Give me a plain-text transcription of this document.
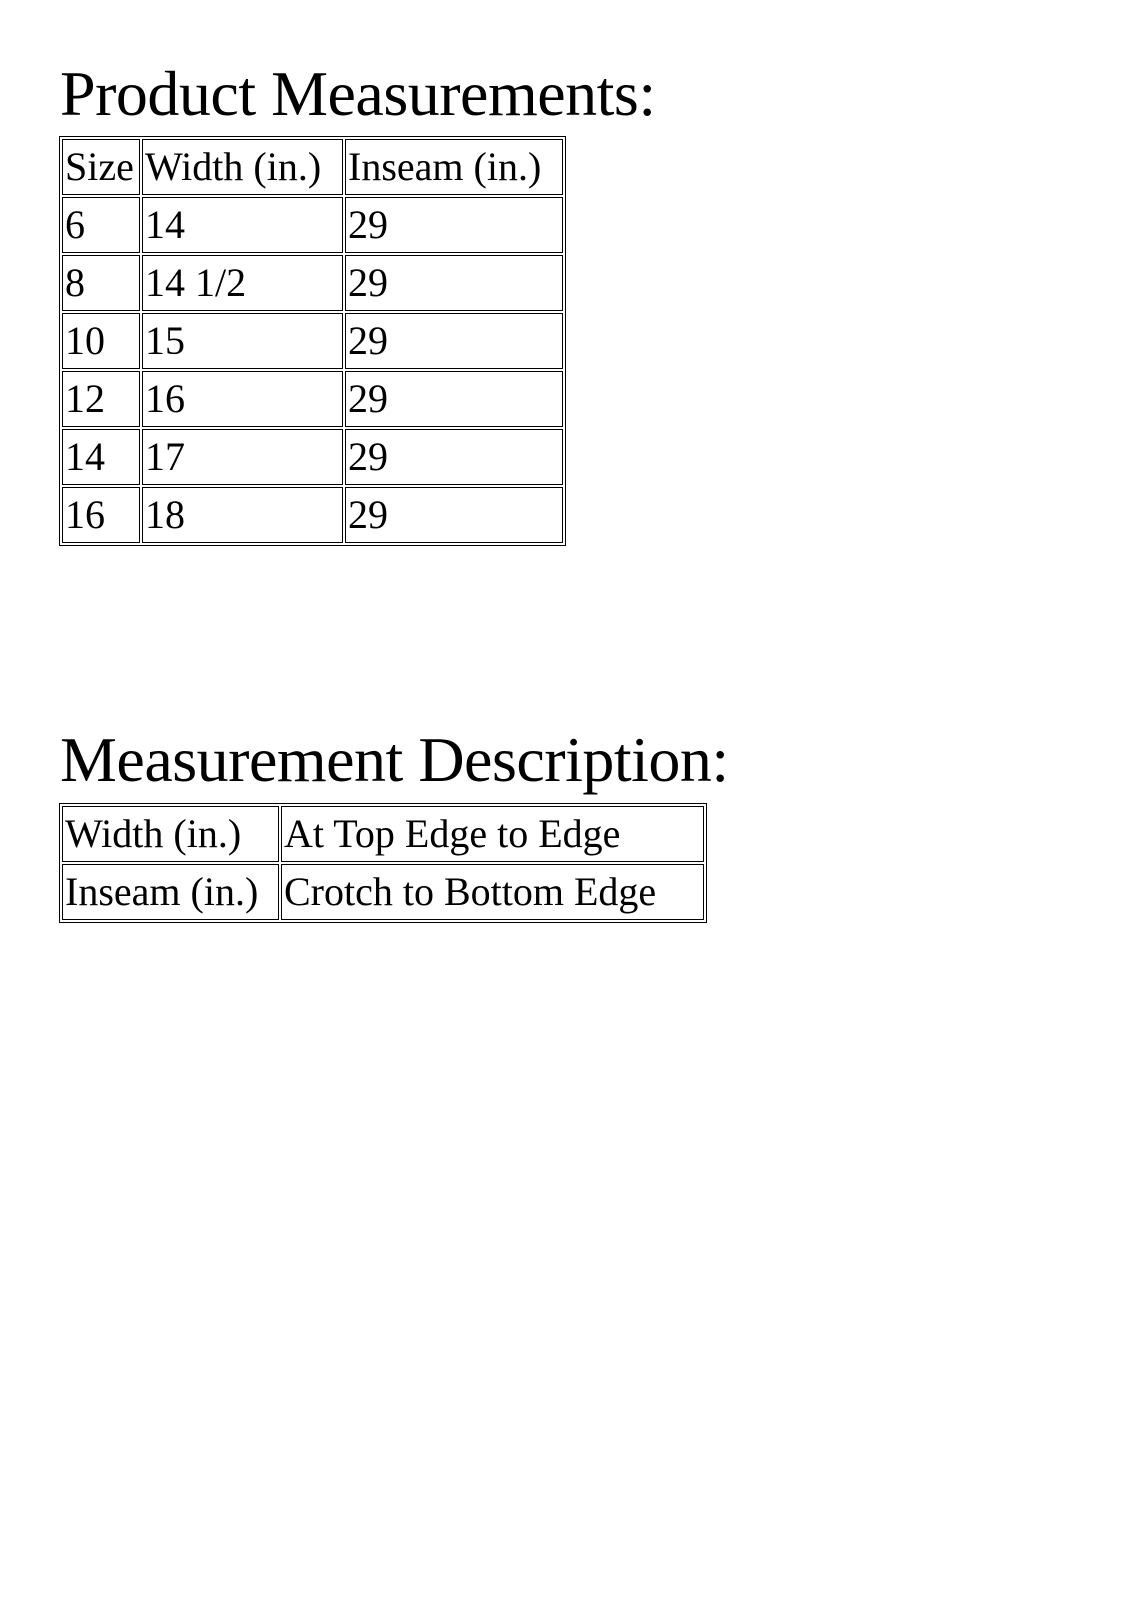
Product Measurements:
Size	Width (in.)	Inseam (in.)
6	14	29
8	14 1/2	29
10	15	29
12	16	29
14	17	29
16	18	29
Measurement Description:
Width (in.)	At Top Edge to Edge
Inseam (in.)	Crotch to Bottom Edge
